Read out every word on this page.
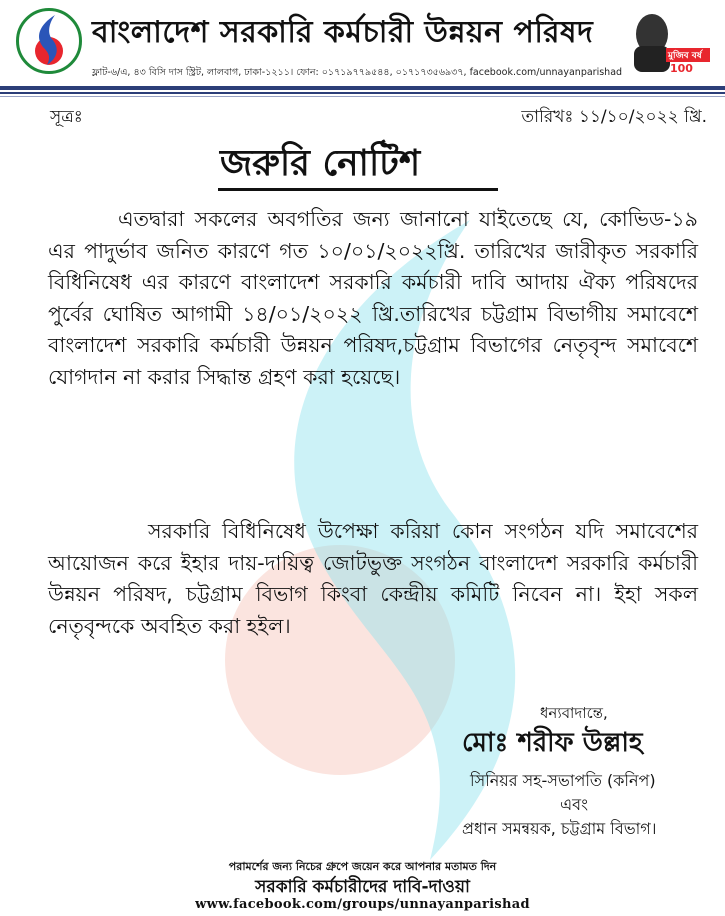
বাংলাদেশ সরকারি কর্মচারী উন্নয়ন পরিষদ
ফ্লাট-৬/এ, ৪৩ বিসি দাস স্ট্রিট, লালবাগ, ঢাকা-১২১১। ফোন: ০১৭১৯৭৭৯৫৪৪, ০১৭১৭৩৫৬৯৩৭, facebook.com/unnayanparishad	100
মুজিব বর্ষ
সূত্রঃ	তারিখঃ ১১/১০/২০২২ খ্রি.
জরুরি নোটিশ
এতদ্বারা সকলের অবগতির জন্য জানানো যাইতেছে যে, কোভিড-১৯ এর পাদুর্ভাব জনিত কারণে গত ১০/০১/২০২২খ্রি. তারিখের জারীকৃত সরকারি বিধিনিষেধ এর কারণে বাংলাদেশ সরকারি কর্মচারী দাবি আদায় ঐক্য পরিষদের পুর্বের ঘোষিত আগামী ১৪/০১/২০২২ খ্রি.তারিখের চট্টগ্রাম বিভাগীয় সমাবেশে বাংলাদেশ সরকারি কর্মচারী উন্নয়ন পরিষদ,চট্টগ্রাম বিভাগের নেতৃবৃন্দ সমাবেশে যোগদান না করার সিদ্ধান্ত গ্রহণ করা হয়েছে।
সরকারি বিধিনিষেধ উপেক্ষা করিয়া কোন সংগঠন যদি সমাবেশের আয়োজন করে ইহার দায়-দায়িত্ব জোটভুক্ত সংগঠন বাংলাদেশ সরকারি কর্মচারী উন্নয়ন পরিষদ, চট্টগ্রাম বিভাগ কিংবা কেন্দ্রীয় কমিটি নিবেন না। ইহা সকল নেতৃবৃন্দকে অবহিত করা হইল।
ধন্যবাদান্তে,
মোঃ শরীফ উল্লাহ
সিনিয়র সহ-সভাপতি (কনিপ)
এবং
প্রধান সমন্বয়ক, চট্টগ্রাম বিভাগ।
পরামর্শের জন্য নিচের গ্রুপে জয়েন করে আপনার মতামত দিন
সরকারি কর্মচারীদের দাবি-দাওয়া
www.facebook.com/groups/unnayanparishad
